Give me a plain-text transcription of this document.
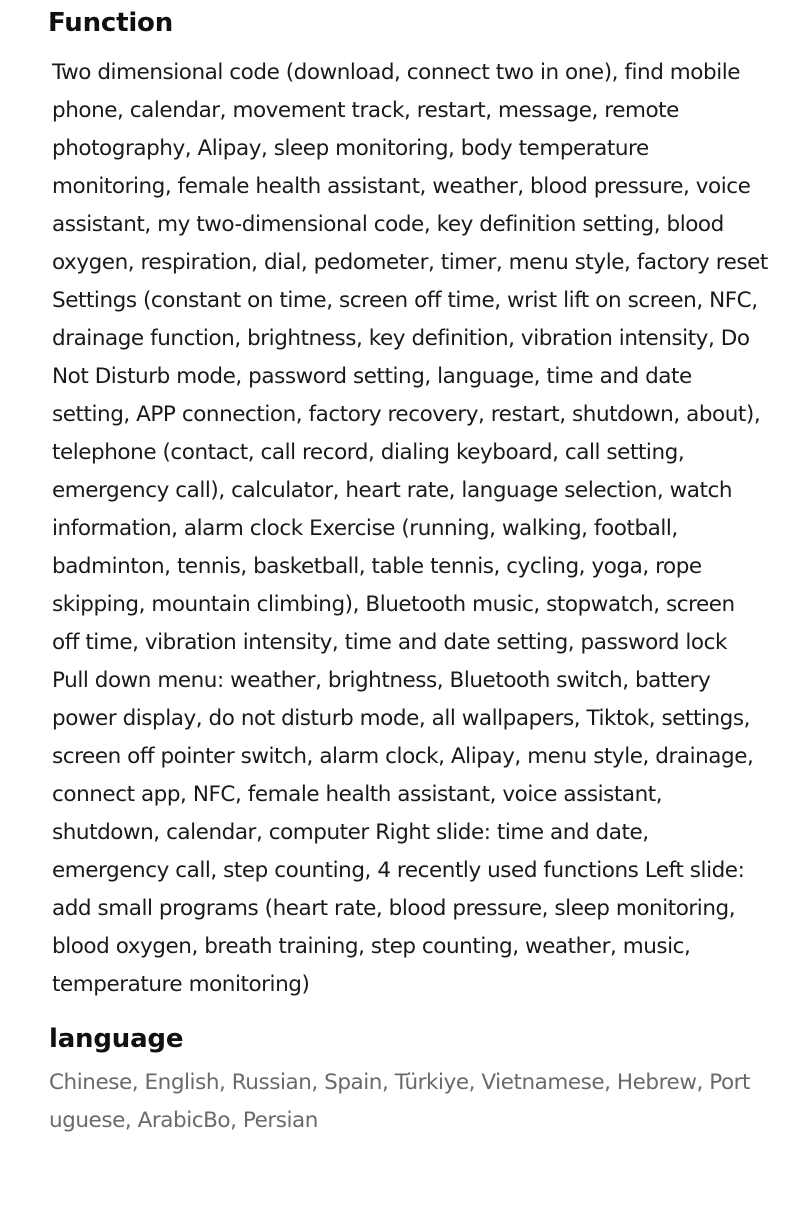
Function
Two dimensional code (download, connect two in one), find mobile
phone, calendar, movement track, restart, message, remote
photography, Alipay, sleep monitoring, body temperature
monitoring, female health assistant, weather, blood pressure, voice
assistant, my two-dimensional code, key definition setting, blood
oxygen, respiration, dial, pedometer, timer, menu style, factory reset
Settings (constant on time, screen off time, wrist lift on screen, NFC,
drainage function, brightness, key definition, vibration intensity, Do
Not Disturb mode, password setting, language, time and date
setting, APP connection, factory recovery, restart, shutdown, about),
telephone (contact, call record, dialing keyboard, call setting,
emergency call), calculator, heart rate, language selection, watch
information, alarm clock Exercise (running, walking, football,
badminton, tennis, basketball, table tennis, cycling, yoga, rope
skipping, mountain climbing), Bluetooth music, stopwatch, screen
off time, vibration intensity, time and date setting, password lock
Pull down menu: weather, brightness, Bluetooth switch, battery
power display, do not disturb mode, all wallpapers, Tiktok, settings,
screen off pointer switch, alarm clock, Alipay, menu style, drainage,
connect app, NFC, female health assistant, voice assistant,
shutdown, calendar, computer Right slide: time and date,
emergency call, step counting, 4 recently used functions Left slide:
add small programs (heart rate, blood pressure, sleep monitoring,
blood oxygen, breath training, step counting, weather, music,
temperature monitoring)
language
Chinese, English, Russian, Spain, Türkiye, Vietnamese, Hebrew, Port
uguese, ArabicBo, Persian
